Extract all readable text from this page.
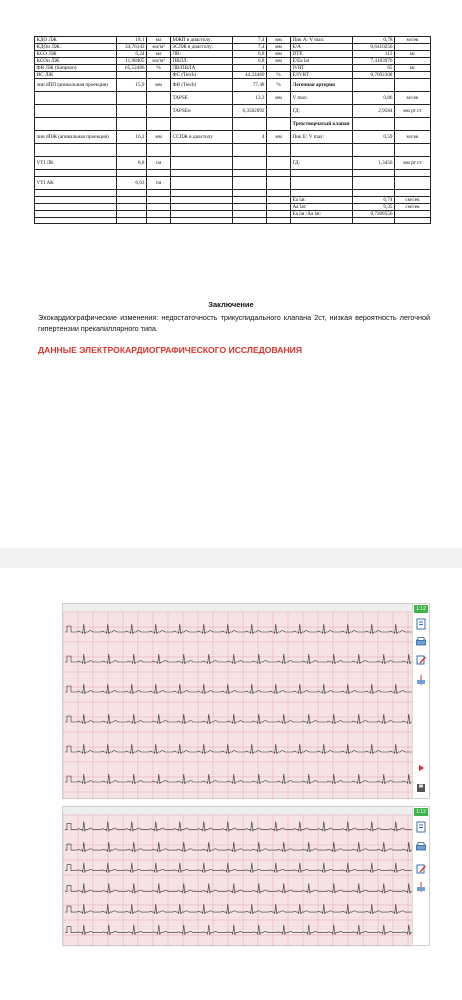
КДО ЛЖ	18,1	мл	МЖП в диастолу:	7,4	мм	Пик А: V max:	0,78	м/сек
КДОи ЛЖ:	34,76143	мл/м²	ЗСЛЖ в диастолу:	7,4	мм	Е/А	0,6410256	
КСО ЛЖ	6,24	мл	ЛВ:	6,8	мм	DTE	113	мс
КСОи ЛЖ	11,98405	мл/м²	ПВЛЛ:	6,8	мм	Е/Еа lat	7,4183976	
ФВ ЛЖ (Simpson)	65,52486	%	ЛВ/ПВЛА	1		IVRT	65	мс
ИС ЛЖ			ФС (Teich)	44,24460	%	E/IVRT	0,7692308	
лин dПП (апикальная проекция)	15,9	мм	ФВ (Teich)	77,48	%	Легочная артерия		
			TAPSE	13,3	мм	V max:	0,86	м/сек
			TAPSEи	6,3582092		ГД:	2,9584	мм рт ст
						Трехстворчатый клапан		
лин dПЖ (апикальная проекция)	16,2	мм	ССПЖ в диастолу	4	мм	Пик Е: V max:	0,59	м/сек

VTI ЛК	8,8	см				ГД:	1,3456	мм рт ст

VTI АК	6,63	см						

						Еа lat:	6,74	см/сек
						Аа lat:	9,35	см/сек
						Еа lat /Аа lat:	0,7208556	

Заключение
Эхокардиографические изменения: недостаточность трикуспидального клапана 2ст, низкая вероятность легочной гипертензии прекапиллярного типа.
ДАННЫЕ ЭЛЕКТРОКАРДИОГРАФИЧЕСКОГО ИССЛЕДОВАНИЯ
1:12
1:12
